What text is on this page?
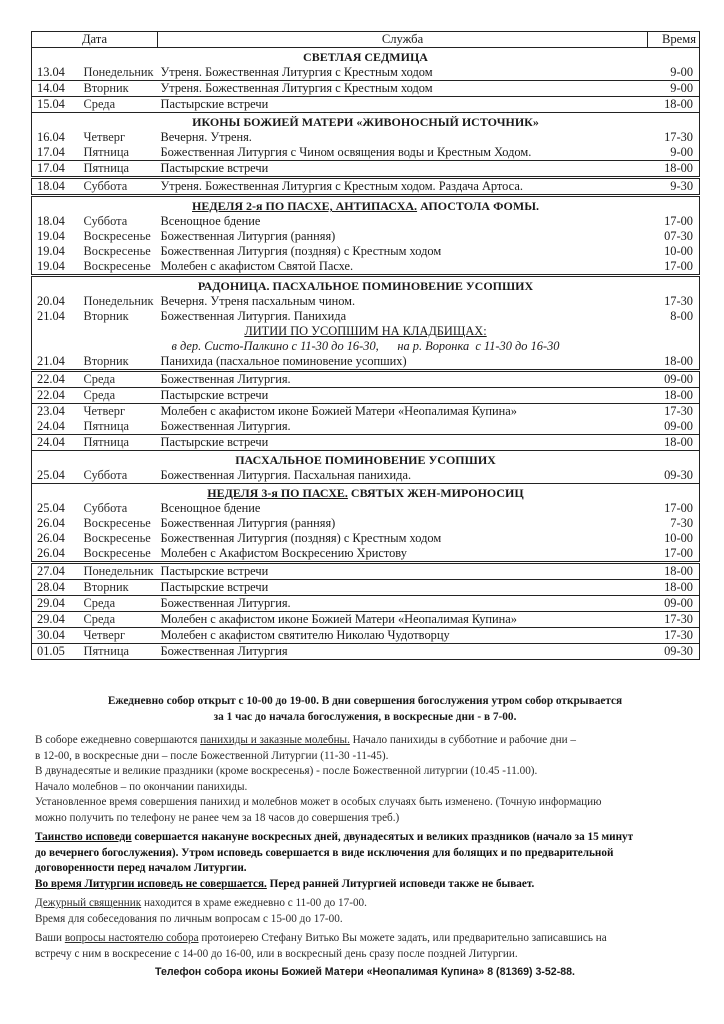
Дата		Служба	Время
СВЕТЛАЯ СЕДМИЦА			
13.04	Понедельник	Утреня. Божественная Литургия с Крестным ходом	9-00
14.04	Вторник	Утреня. Божественная Литургия с Крестным ходом	9-00
15.04	Среда	Пастырские встречи	18-00
ИКОНЫ БОЖИЕЙ МАТЕРИ «ЖИВОНОСНЫЙ ИСТОЧНИК»			
16.04	Четверг	Вечерня. Утреня.	17-30
17.04	Пятница	Божественная Литургия с Чином освящения воды и Крестным Ходом.	9-00
17.04	Пятница	Пастырские встречи	18-00
18.04	Суббота	Утреня. Божественная Литургия с Крестным ходом. Раздача Артоса.	9-30
НЕДЕЛЯ 2-я ПО ПАСХЕ, АНТИПАСХА. АПОСТОЛА ФОМЫ.			
18.04	Суббота	Всенощное бдение	17-00
19.04	Воскресенье	Божественная Литургия (ранняя)	07-30
19.04	Воскресенье	Божественная Литургия (поздняя) с Крестным ходом	10-00
19.04	Воскресенье	Молебен с акафистом Святой Пасхе.	17-00
РАДОНИЦА. ПАСХАЛЬНОЕ ПОМИНОВЕНИЕ УСОПШИХ			
20.04	Понедельник	Вечерня. Утреня пасхальным чином.	17-30
21.04	Вторник	Божественная Литургия. Панихида	8-00
ЛИТИИ ПО УСОПШИМ НА КЛАДБИЩАХ:			
в дер. Систо-Палкино с 11-30 до 16-30,      на р. Воронка  с 11-30 до 16-30			
21.04	Вторник	Панихида (пасхальное поминовение усопших)	18-00
22.04	Среда	Божественная Литургия.	09-00
22.04	Среда	Пастырские встречи	18-00
23.04	Четверг	Молебен с акафистом иконе Божией Матери «Неопалимая Купина»	17-30
24.04	Пятница	Божественная Литургия.	09-00
24.04	Пятница	Пастырские встречи	18-00
ПАСХАЛЬНОЕ ПОМИНОВЕНИЕ УСОПШИХ			
25.04	Суббота	Божественная Литургия. Пасхальная панихида.	09-30
НЕДЕЛЯ 3-я ПО ПАСХЕ. СВЯТЫХ ЖЕН-МИРОНОСИЦ			
25.04	Суббота	Всенощное бдение	17-00
26.04	Воскресенье	Божественная Литургия (ранняя)	7-30
26.04	Воскресенье	Божественная Литургия (поздняя) с Крестным ходом	10-00
26.04	Воскресенье	Молебен с Акафистом Воскресению Христову	17-00
27.04	Понедельник	Пастырские встречи	18-00
28.04	Вторник	Пастырские встречи	18-00
29.04	Среда	Божественная Литургия.	09-00
29.04	Среда	Молебен с акафистом иконе Божией Матери «Неопалимая Купина»	17-30
30.04	Четверг	Молебен с акафистом святителю Николаю Чудотворцу	17-30
01.05	Пятница	Божественная Литургия	09-30
Ежедневно собор открыт с 10-00 до 19-00. В дни совершения богослужения утром собор открывается
за 1 час до начала богослужения, в воскресные дни - в 7-00.

В соборе ежедневно совершаются панихиды и заказные молебны. Начало панихиды в субботние и рабочие дни –
в 12-00, в воскресные дни – после Божественной Литургии (11-30 -11-45).

В двунадесятые и великие праздники (кроме воскресенья) - после Божественной литургии (10.45 -11.00).

Начало молебнов – по окончании панихиды.

Установленное время совершения панихид и молебнов может в особых случаях быть изменено. (Точную информацию
можно получить по телефону не ранее чем за 18 часов до совершения треб.)

Таинство исповеди совершается накануне воскресных дней, двунадесятых и великих праздников (начало за 15 минут
до вечернего богослужения). Утром исповедь совершается в виде исключения для болящих и по предварительной
договоренности перед началом Литургии.
Во время Литургии исповедь не совершается. Перед ранней Литургией исповеди также не бывает.

Дежурный священник находится в храме ежедневно с 11-00 до 17-00.
Время для собеседования по личным вопросам с 15-00 до 17-00.

Ваши вопросы настоятелю собора протоиерею Стефану Витько Вы можете задать, или предварительно записавшись на
встречу с ним в воскресение с 14-00 до 16-00, или в воскресный день сразу после поздней Литургии.

Телефон собора иконы Божией Матери «Неопалимая Купина» 8 (81369) 3-52-88.
